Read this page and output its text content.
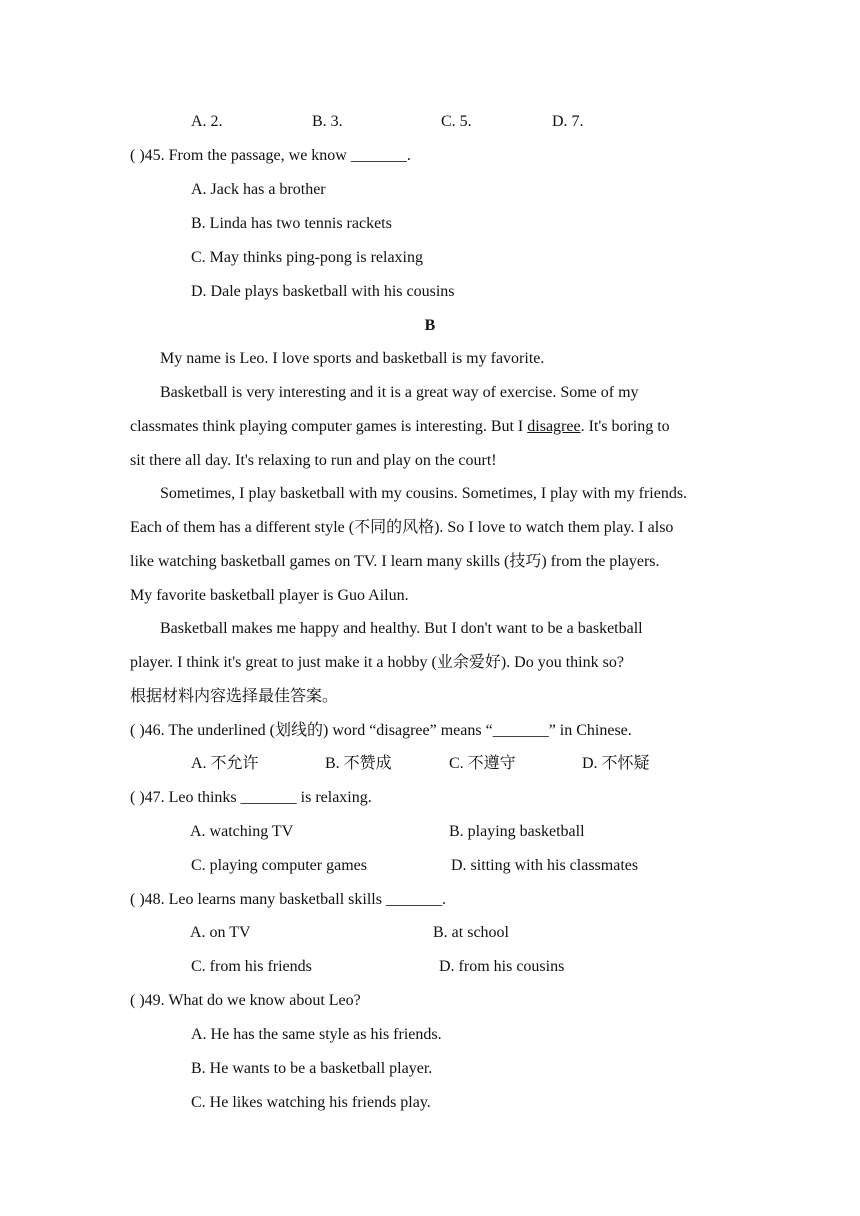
A. 2.	B. 3.	C. 5.	D. 7.
( )45. From the passage, we know _______.
A. Jack has a brother
B. Linda has two tennis rackets
C. May thinks ping-pong is relaxing
D. Dale plays basketball with his cousins
B
My name is Leo. I love sports and basketball is my favorite.
Basketball is very interesting and it is a great way of exercise. Some of my
classmates think playing computer games is interesting. But I disagree. It's boring to
sit there all day. It's relaxing to run and play on the court!
Sometimes, I play basketball with my cousins. Sometimes, I play with my friends.
Each of them has a different style (不同的风格). So I love to watch them play. I also
like watching basketball games on TV. I learn many skills (技巧) from the players.
My favorite basketball player is Guo Ailun.
Basketball makes me happy and healthy. But I don't want to be a basketball
player. I think it's great to just make it a hobby (业余爱好). Do you think so?
根据材料内容选择最佳答案。
( )46. The underlined (划线的) word “disagree” means “_______” in Chinese.
A. 不允许	B. 不赞成	C. 不遵守	D. 不怀疑
( )47. Leo thinks _______ is relaxing.
A. watching TV	B. playing basketball
C. playing computer games	D. sitting with his classmates
( )48. Leo learns many basketball skills _______.
A. on TV	B. at school
C. from his friends	D. from his cousins
( )49. What do we know about Leo?
A. He has the same style as his friends.
B. He wants to be a basketball player.
C. He likes watching his friends play.
